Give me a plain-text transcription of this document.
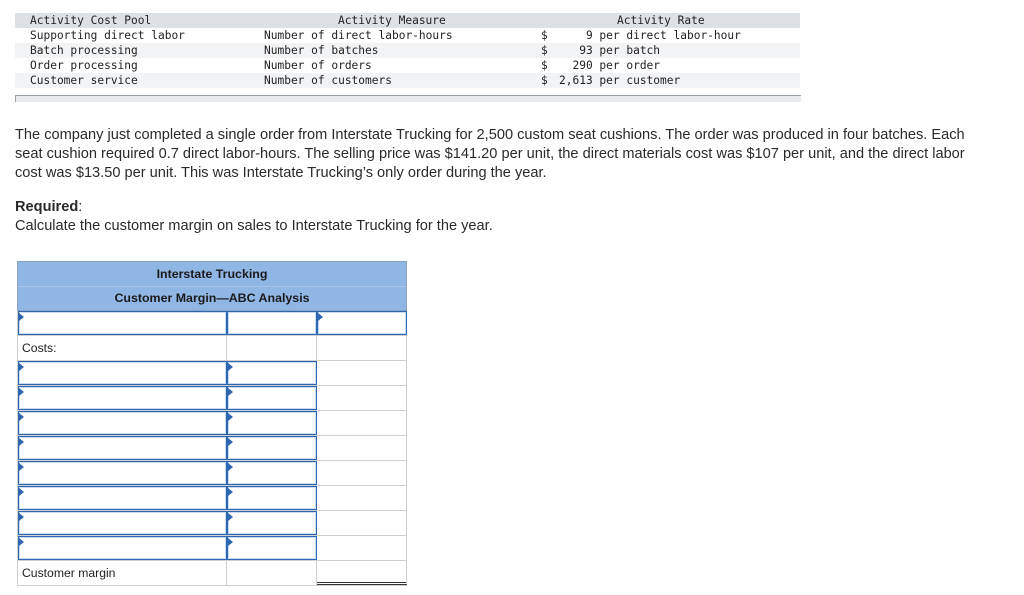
Activity Cost Pool	Activity Measure	Activity Rate
Supporting direct labor	Number of direct labor-hours	$ 9 per direct labor-hour
Batch processing	Number of batches	$ 93 per batch
Order processing	Number of orders	$ 290 per order
Customer service	Number of customers	$ 2,613 per customer
The company just completed a single order from Interstate Trucking for 2,500 custom seat cushions. The order was produced in four batches. Each seat cushion required 0.7 direct labor-hours. The selling price was $141.20 per unit, the direct materials cost was $107 per unit, and the direct labor cost was $13.50 per unit. This was Interstate Trucking’s only order during the year.
Required:
Calculate the customer margin on sales to Interstate Trucking for the year.
Interstate Trucking
Customer Margin—ABC Analysis
Costs:
Customer margin
